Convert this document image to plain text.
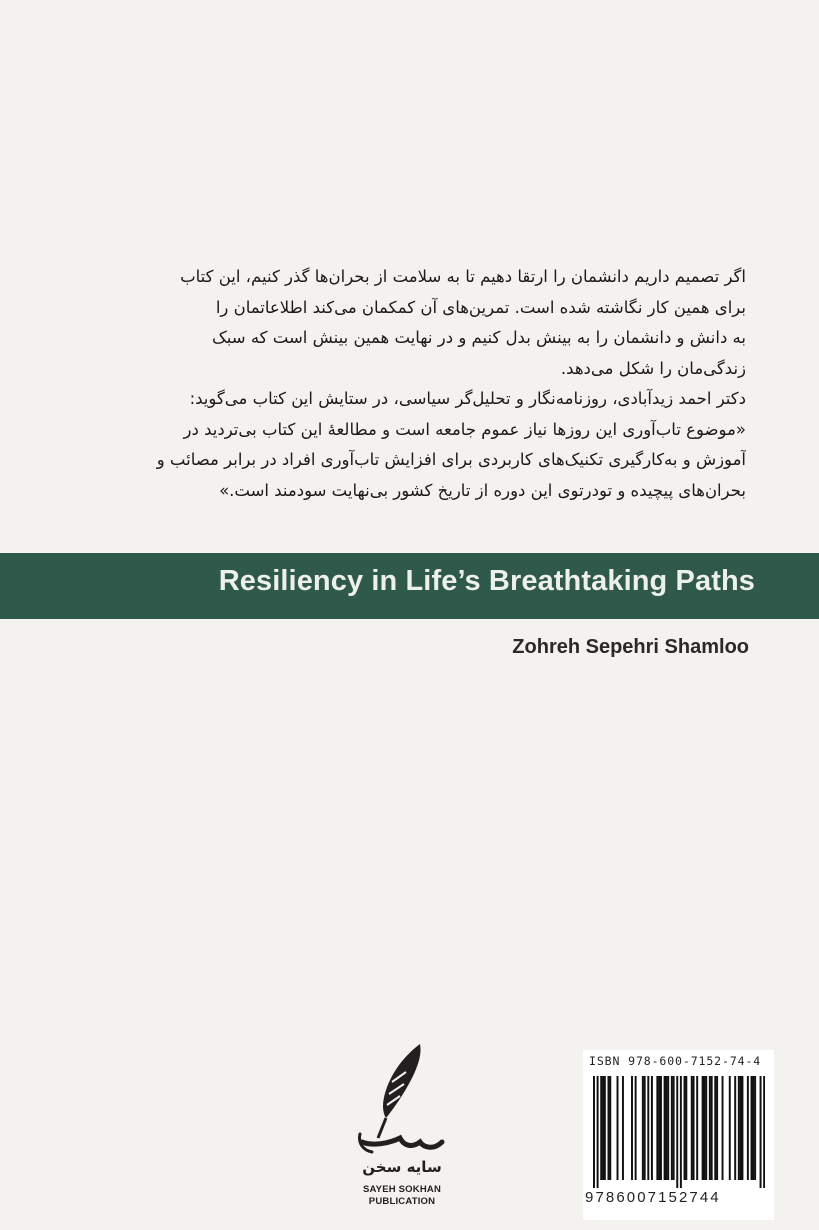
اگر تصمیم داریم دانشمان را ارتقا دهیم تا به سلامت از بحران‌ها گذر کنیم، این کتاب
برای همین کار نگاشته شده است. تمرین‌های آن کمکمان می‌کند اطلاعاتمان را
به دانش و دانشمان را به بینش بدل کنیم و در نهایت همین بینش است که سبک
زندگی‌مان را شکل می‌دهد.

دکتر احمد زیدآبادی، روزنامه‌نگار و تحلیل‌گر سیاسی، در ستایش این کتاب می‌گوید:
«موضوع تاب‌آوری این روزها نیاز عموم جامعه است و مطالعهٔ این کتاب بی‌تردید در
آموزش و به‌کارگیری تکنیک‌های کاربردی برای افزایش تاب‌آوری افراد در برابر مصائب و
بحران‌های پیچیده و تودرتوی این دوره از تاریخ کشور بی‌نهایت سودمند است.»

Resiliency in Life’s Breathtaking Paths
Zohreh Sepehri Shamloo
سایه سخن
SAYEH SOKHAN
PUBLICATION
ISBN 978-600-7152-74-4
9786007152744
